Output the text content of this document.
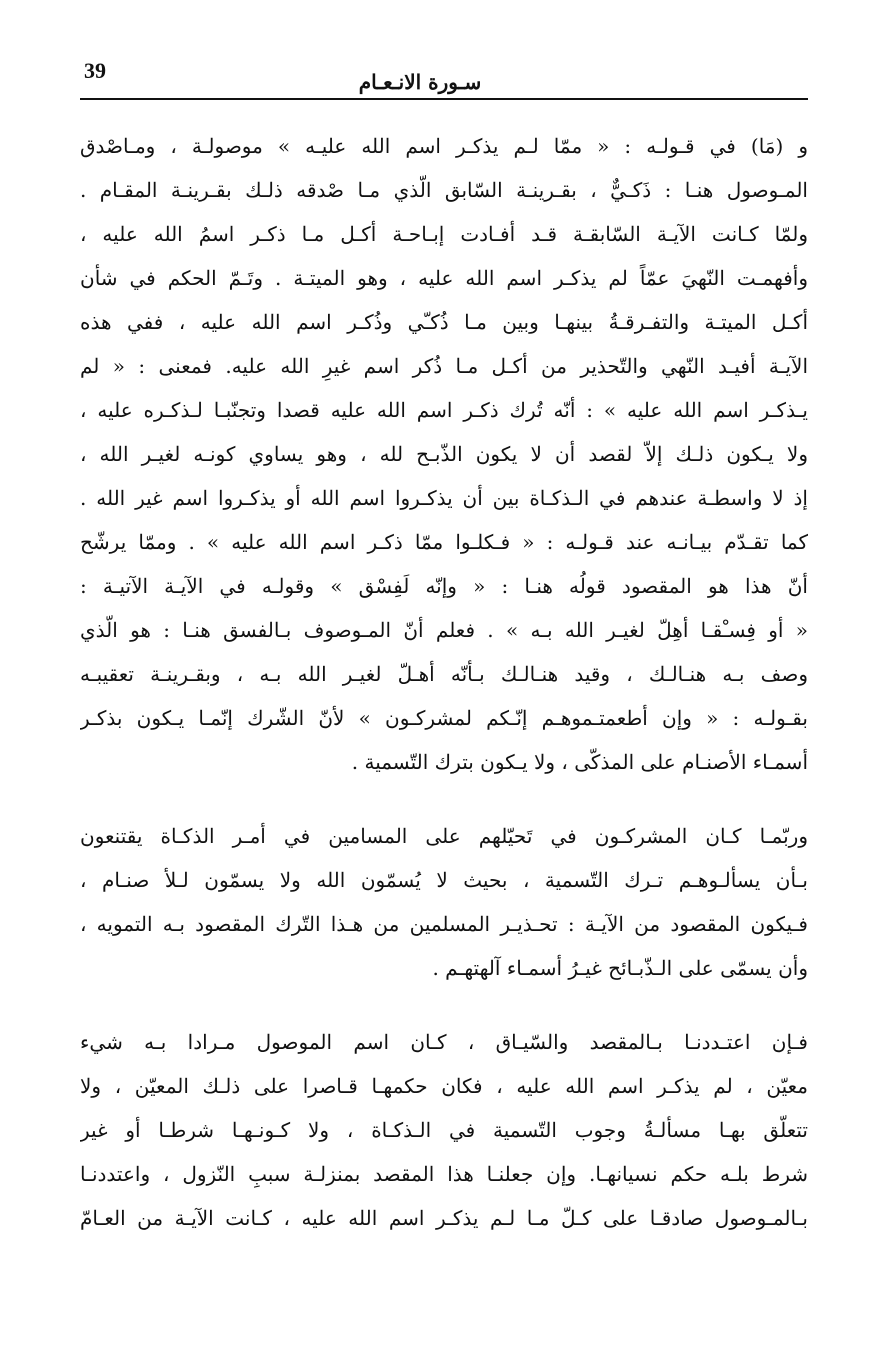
39	سـورة الانـعـام
و (مَا) في قـولـه : « ممّا لـم يذكـر اسم الله عليـه » موصولـة ، ومـاصْدق
المـوصول هنـا : ذَكـيٌّ ، بقـرينـة السّابق الّذي مـا صْدقه ذلـك بقـرينـة المقـام .
ولمّا كـانت الآيـة السّابقـة قـد أفـادت إبـاحـة أكـل مـا ذكـر اسمُ الله عليه ،
وأفهمـت النّهيَ عمّاً لم يذكـر اسم الله عليه ، وهو الميتـة . وتَـمّ الحكم في شأن
أكـل الميتـة والتفـرقـةُ بينهـا وبين مـا ذُكـّي وذُكـر اسم الله عليه ، ففي هذه
الآيـة أفيـد النّهي والتّحذير من أكـل مـا ذُكر اسم غيرِ الله عليه. فمعنى : « لم
يـذكـر اسم الله عليه » : أنّه تُرك ذكـر اسم الله عليه قصدا وتجنّبـا لـذكـره عليه ،
ولا يـكون ذلـك إلاّ لقصد أن لا يكون الذّبـح لله ، وهو يساوي كونـه لغيـر الله ،
إذ لا واسطـة عندهم في الـذكـاة بين أن يذكـروا اسم الله أو يذكـروا اسم غير الله .
كما تقـدّم بيـانـه عند قـولـه : « فـكلـوا ممّا ذكـر اسم الله عليه » . وممّا يرشّح
أنّ هذا هو المقصود قولُه هنـا : « وإنّه لَفِسْق » وقولـه في الآيـة الآتيـة :
« أو فِسـْقـا أهِلّ لغيـر الله بـه » . فعلم أنّ المـوصوف بـالفسق هنـا : هو الّذي
وصف بـه هنـالـك ، وقيد هنـالـك بـأنّه أهـلّ لغيـر الله بـه ، وبقـرينـة تعقيبـه
بقـولـه : « وإن أطعمتـموهـم إنّـكم لمشركـون » لأنّ الشّرك إنّمـا يـكون بذكـر
أسمـاء الأصنـام على المذكّى ، ولا يـكون بترك التّسمية .
وربّمـا كـان المشركـون في تَحيّلهم على المسامين في أمـر الذكـاة يقتنعون
بـأن يسألـوهـم تـرك التّسمية ، بحيث لا يُسمّون الله ولا يسمّون لـلأ صنـام ،
فـيكون المقصود من الآيـة : تحـذيـر المسلمين من هـذا التّرك المقصود بـه التمويه ،
وأن يسمّى على الـذّبـائح غيـرُ أسمـاء آلهتهـم .
فـإن اعتـددنـا بـالمقصد والسّيـاق ، كـان اسم الموصول مـرادا بـه شيء
معيّن ، لم يذكـر اسم الله عليه ، فكان حكمهـا قـاصرا على ذلـك المعيّن ، ولا
تتعلّق بهـا مسألـةُ وجوب التّسمية في الـذكـاة ، ولا كـونـهـا شرطـا أو غير
شرط بلـه حكم نسيانهـا. وإن جعلنـا هذا المقصد بمنزلـة سببِ النّزول ، واعتددنـا
بـالمـوصول صادقـا على كـلّ مـا لـم يذكـر اسم الله عليه ، كـانت الآيـة من العـامّ
